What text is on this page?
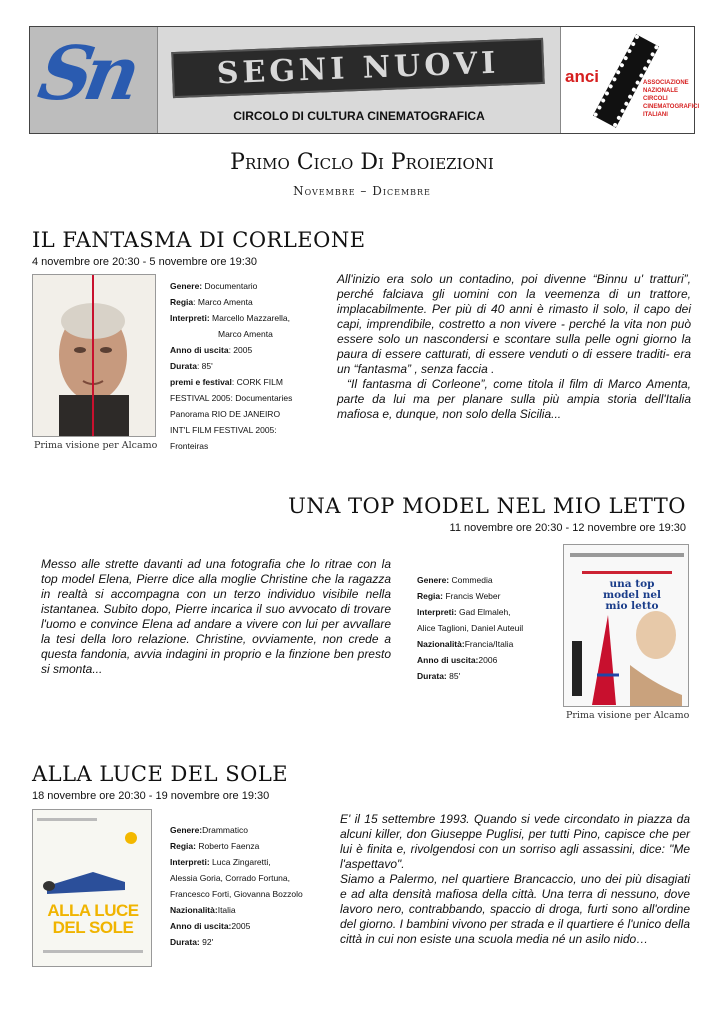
Sn	SEGNI NUOVI
CIRCOLO DI CULTURA CINEMATOGRAFICA
anci	ASSOCIAZIONE NAZIONALE CIRCOLI CINEMATOGRAFICI ITALIANI
Primo Ciclo Di Proiezioni
Novembre – Dicembre
IL FANTASMA DI CORLEONE
4 novembre ore 20:30 - 5 novembre ore 19:30
Prima visione per Alcamo
Genere: Documentario
Regia: Marco Amenta
Interpreti: Marcello Mazzarella,
Marco Amenta
Anno di uscita: 2005
Durata: 85'
premi e festival: CORK FILM
FESTIVAL 2005: Documentaries
Panorama RIO DE JANEIRO
INT'L FILM FESTIVAL 2005:
Fronteiras

All'inizio era solo un contadino, poi divenne “Binnu u' tratturi”, perché falciava gli uomini con la veemenza di un trattore, implacabilmente. Per più di 40 anni è rimasto il solo, il capo dei capi, imprendibile, costretto a non vivere - perché la vita non può essere solo un nascondersi e scontare sulla pelle ogni giorno la paura di essere catturati, di essere venduti o di essere traditi- era un “fantasma” , senza faccia .

“Il fantasma di Corleone”, come titola il film di Marco Amenta, parte da lui ma per planare sulla più ampia storia dell'Italia mafiosa e, dunque, non solo della Sicilia...

UNA TOP MODEL NEL MIO LETTO
11 novembre ore 20:30 - 12 novembre ore 19:30

Messo alle strette davanti ad una fotografia che lo ritrae con la top model Elena, Pierre dice alla moglie Christine che la ragazza in realtà si accompagna con un terzo individuo visibile nella istantanea. Subito dopo, Pierre incarica il suo avvocato di trovare l'uomo e convince Elena ad andare a vivere con lui per avvallare la tesi della loro relazione. Christine, ovviamente, non crede a questa fandonia, avvia indagini in proprio e la finzione ben presto si smonta...

Genere: Commedia
Regia: Francis Weber
Interpreti: Gad Elmaleh,
Alice Taglioni, Daniel Auteuil
Nazionalità:Francia/Italia
Anno di uscita:2006
Durata: 85'
una top model nel mio letto
Prima visione per Alcamo
ALLA LUCE DEL SOLE
18 novembre ore 20:30 - 19 novembre ore 19:30
ALLA LUCE DEL SOLE
Genere:Drammatico
Regia: Roberto Faenza
Interpreti: Luca Zingaretti,
Alessia Goria, Corrado Fortuna,
Francesco Forti, Giovanna Bozzolo
Nazionalità:Italia
Anno di uscita:2005
Durata: 92'

E' il 15 settembre 1993. Quando si vede circondato in piazza da alcuni killer, don Giuseppe Puglisi, per tutti Pino, capisce che per lui è finita e, rivolgendosi con un sorriso agli assassini, dice: "Me l'aspettavo".

Siamo a Palermo, nel quartiere Brancaccio, uno dei più disagiati e ad alta densità mafiosa della città. Una terra di nessuno, dove lavoro nero, contrabbando, spaccio di droga, furti sono all'ordine del giorno. I bambini vivono per strada e il quartiere é l'unico della città in cui non esiste una scuola media né un asilo nido…
